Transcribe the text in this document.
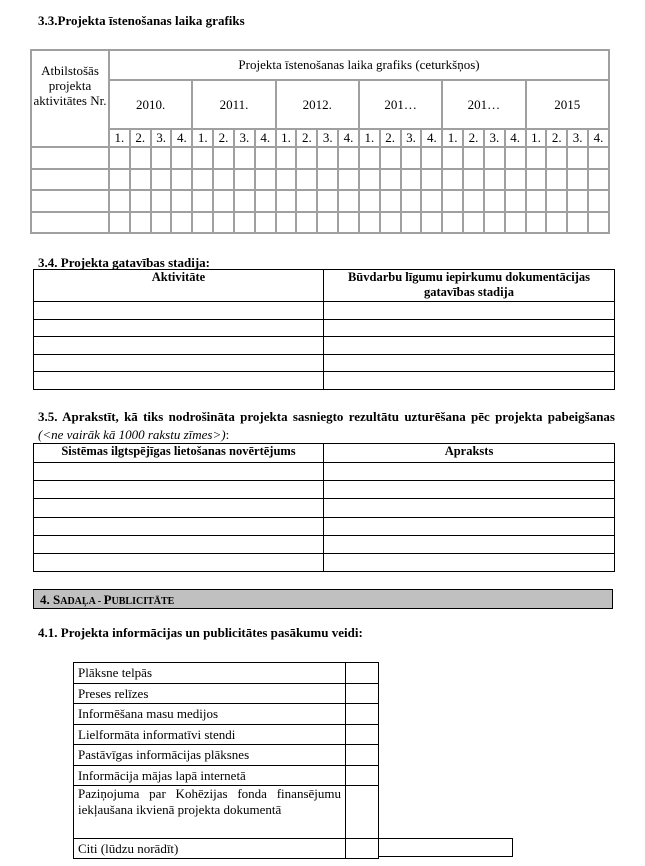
3.3.Projekta īstenošanas laika grafiks
Atbilstošās projekta aktivitātes Nr.	Projekta īstenošanas laika grafiks (ceturkšņos)																							
	2010.				2011.				2012.				201…				201…				2015			
	1.	2.	3.	4.	1.	2.	3.	4.	1.	2.	3.	4.	1.	2.	3.	4.	1.	2.	3.	4.	1.	2.	3.	4.

3.4. Projekta gatavības stadija:
Aktivitāte	Būvdarbu līgumu iepirkumu dokumentācijas gatavības stadija

3.5. Aprakstīt, kā tiks nodrošināta projekta sasniegto rezultātu uzturēšana pēc projekta pabeigšanas (<ne vairāk kā 1000 rakstu zīmes>):
Sistēmas ilgtspējīgas lietošanas novērtējums	Apraksts

4. SADAĻA - PUBLICITĀTE
4.1. Projekta informācijas un publicitātes pasākumu veidi:
Plāksne telpās	
Preses relīzes	
Informēšana masu medijos	
Lielformāta informatīvi stendi	
Pastāvīgas informācijas plāksnes	
Informācija mājas lapā internetā	
Paziņojuma par Kohēzijas fonda finansējumu iekļaušana ikvienā projekta dokumentā	
Citi (lūdzu norādīt)	
